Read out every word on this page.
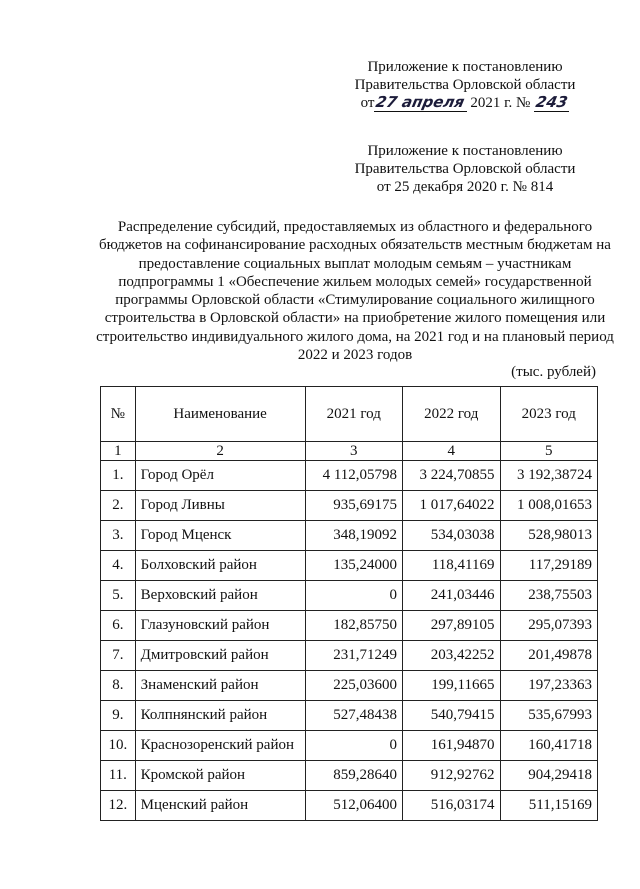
Приложение к постановлению
Правительства Орловской области
от27 апреля 2021 г. № 243
Приложение к постановлению
Правительства Орловской области
от 25 декабря 2020 г. № 814
Распределение субсидий, предоставляемых из областного и федерального бюджетов на софинансирование расходных обязательств местным бюджетам на предоставление социальных выплат молодым семьям – участникам подпрограммы 1 «Обеспечение жильем молодых семей» государственной программы Орловской области «Стимулирование социального жилищного строительства в Орловской области» на приобретение жилого помещения или строительство индивидуального жилого дома, на 2021 год и на плановый период 2022 и 2023 годов
(тыс. рублей)
№	Наименование	2021 год	2022 год	2023 год
1	2	3	4	5
1.	Город Орёл	4 112,05798	3 224,70855	3 192,38724
2.	Город Ливны	935,69175	1 017,64022	1 008,01653
3.	Город Мценск	348,19092	534,03038	528,98013
4.	Болховский район	135,24000	118,41169	117,29189
5.	Верховский район	0	241,03446	238,75503
6.	Глазуновский район	182,85750	297,89105	295,07393
7.	Дмитровский район	231,71249	203,42252	201,49878
8.	Знаменский район	225,03600	199,11665	197,23363
9.	Колпнянский район	527,48438	540,79415	535,67993
10.	Краснозоренский район	0	161,94870	160,41718
11.	Кромской район	859,28640	912,92762	904,29418
12.	Мценский район	512,06400	516,03174	511,15169
